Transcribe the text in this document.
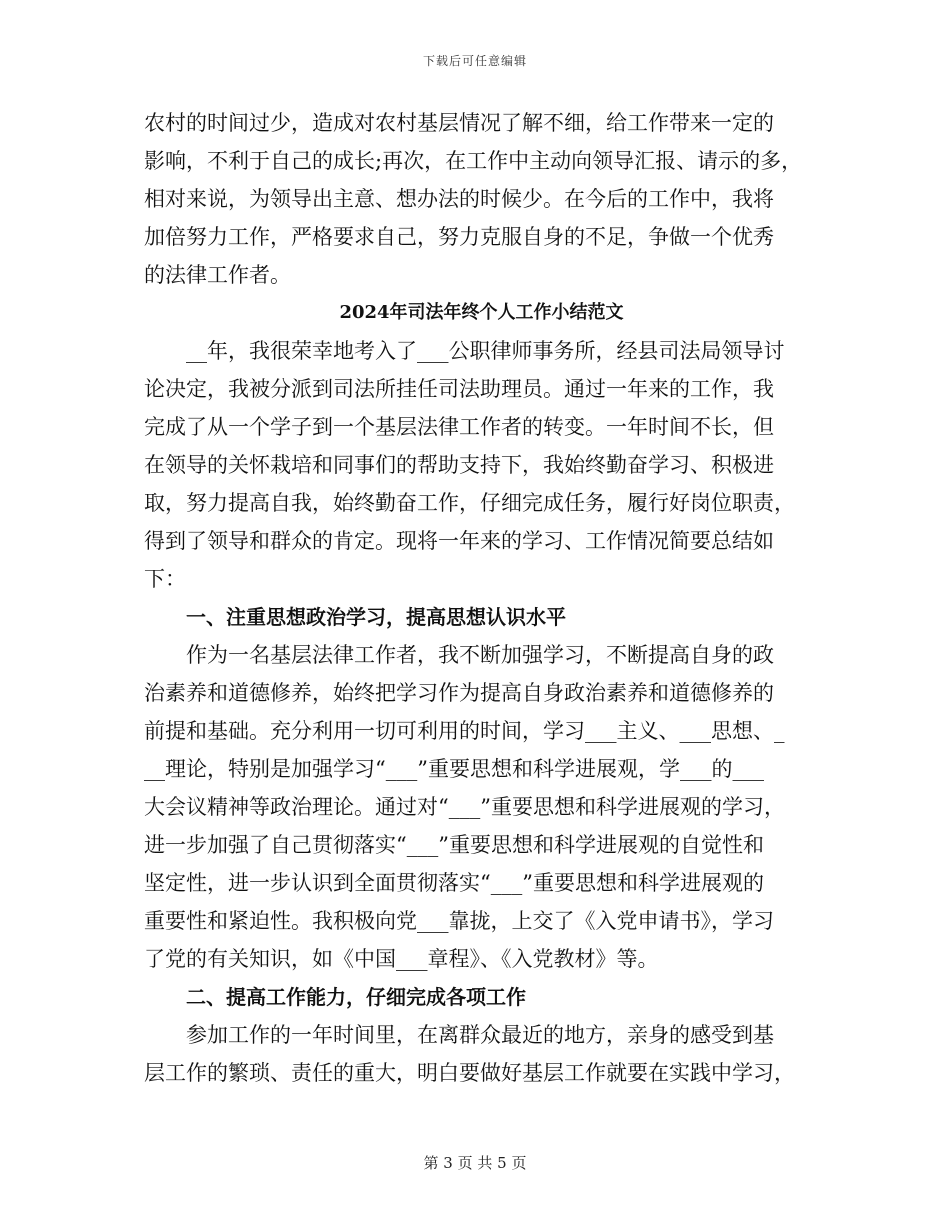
下载后可任意编辑
农村的时间过少，造成对农村基层情况了解不细，给工作带来一定的
影响，不利于自己的成长;再次，在工作中主动向领导汇报、请示的多，
相对来说，为领导出主意、想办法的时候少。在今后的工作中，我将
加倍努力工作，严格要求自己，努力克服自身的不足，争做一个优秀
的法律工作者。
2024年司法年终个人工作小结范文
__年，我很荣幸地考入了___公职律师事务所，经县司法局领导讨
论决定，我被分派到司法所挂任司法助理员。通过一年来的工作，我
完成了从一个学子到一个基层法律工作者的转变。一年时间不长，但
在领导的关怀栽培和同事们的帮助支持下，我始终勤奋学习、积极进
取，努力提高自我，始终勤奋工作，仔细完成任务，履行好岗位职责，
得到了领导和群众的肯定。现将一年来的学习、工作情况简要总结如
下：
一、注重思想政治学习，提高思想认识水平
作为一名基层法律工作者，我不断加强学习，不断提高自身的政
治素养和道德修养，始终把学习作为提高自身政治素养和道德修养的
前提和基础。充分利用一切可利用的时间，学习___主义、___思想、_
__理论，特别是加强学习“___”重要思想和科学进展观，学___的___
大会议精神等政治理论。通过对“___”重要思想和科学进展观的学习，
进一步加强了自己贯彻落实“___”重要思想和科学进展观的自觉性和
坚定性，进一步认识到全面贯彻落实“___”重要思想和科学进展观的
重要性和紧迫性。我积极向党___靠拢，上交了《入党申请书》，学习
了党的有关知识，如《中国___章程》、《入党教材》等。
二、提高工作能力，仔细完成各项工作
参加工作的一年时间里，在离群众最近的地方，亲身的感受到基
层工作的繁琐、责任的重大，明白要做好基层工作就要在实践中学习，
第 3 页 共 5 页
